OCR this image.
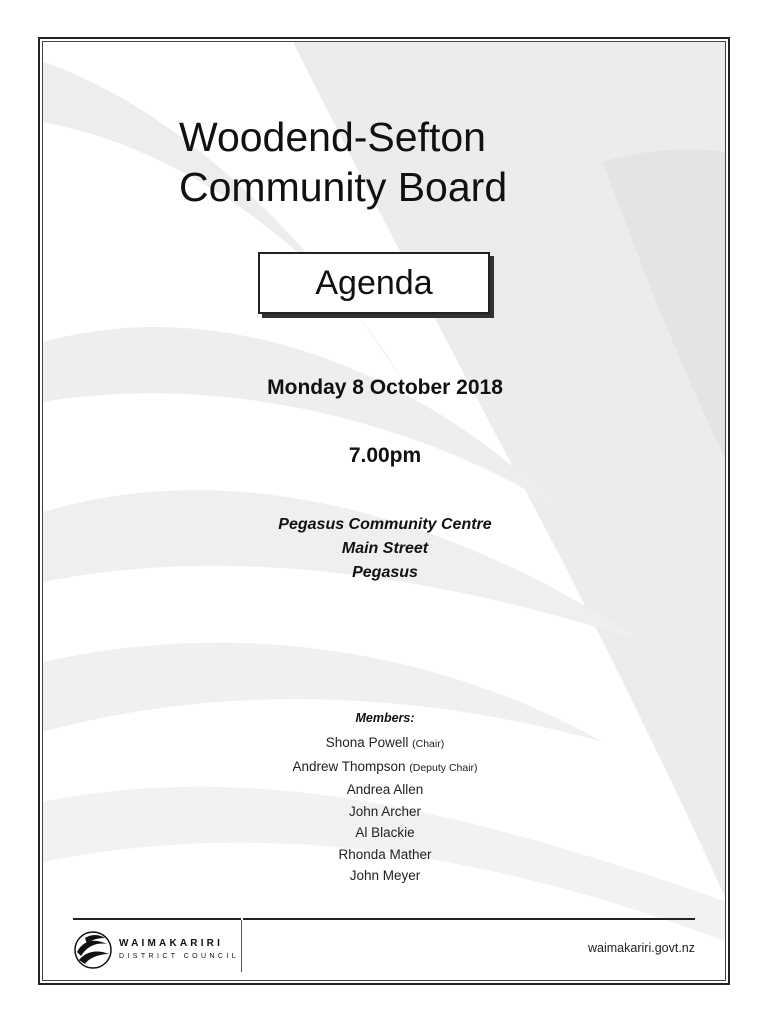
Woodend-Sefton
Community Board
Agenda
Monday 8 October 2018
7.00pm
Pegasus Community Centre
Main Street
Pegasus
Members:
Shona Powell (Chair)
Andrew Thompson (Deputy Chair)
Andrea Allen
John Archer
Al Blackie
Rhonda Mather
John Meyer
WAIMAKARIRI
DISTRICT COUNCIL
waimakariri.govt.nz
